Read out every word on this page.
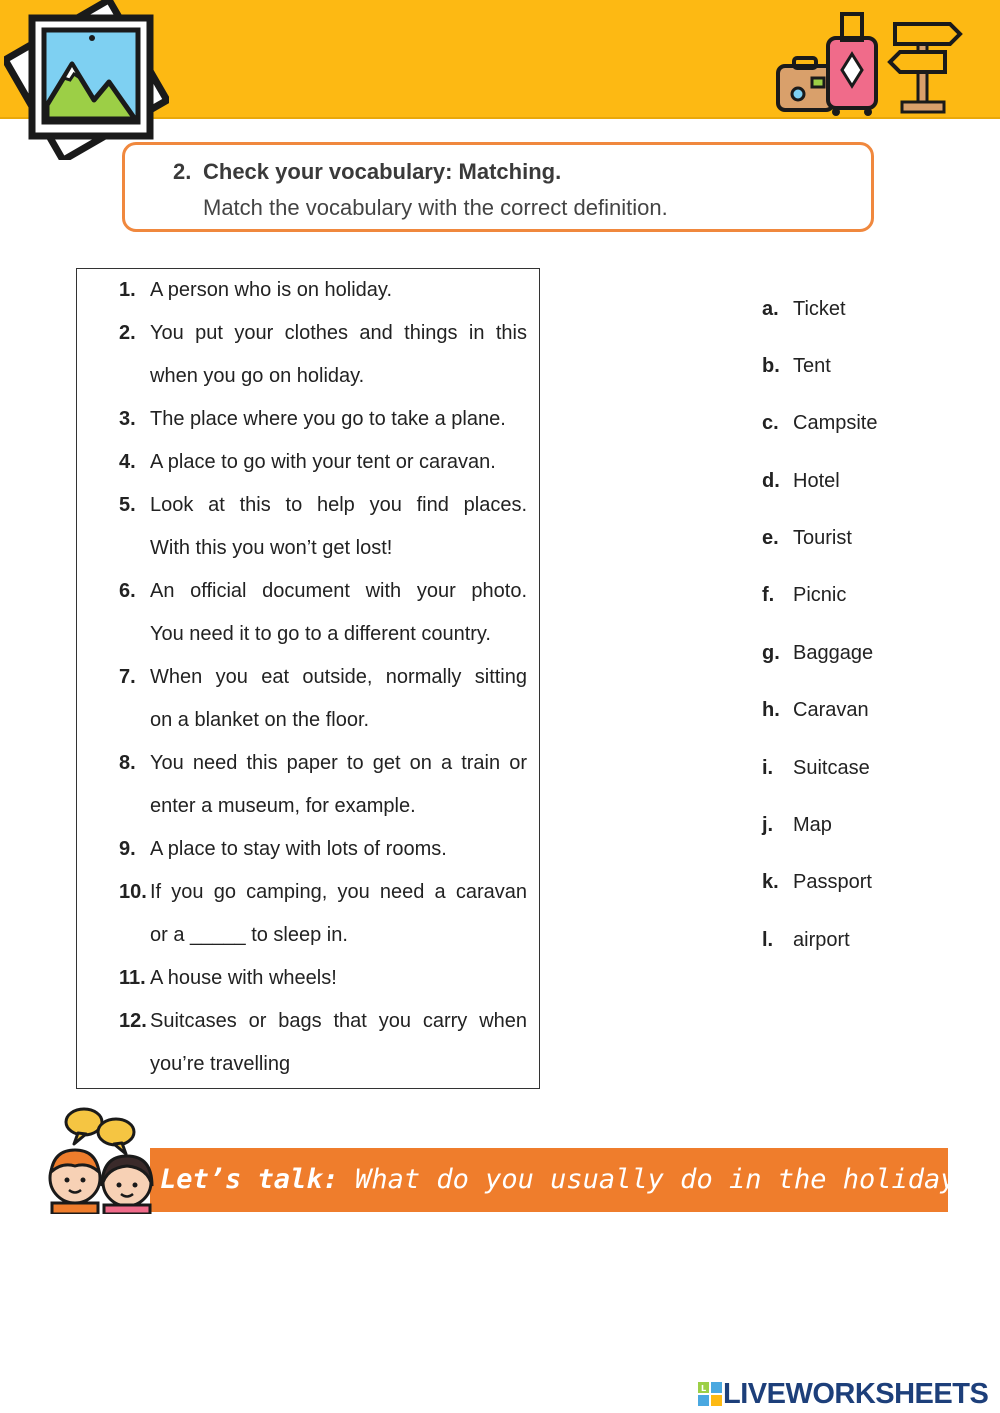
2. Check your vocabulary: Matching.
Match the vocabulary with the correct definition.
1. A person who is on holiday.
2. You put your clothes and things in this
when you go on holiday.
3. The place where you go to take a plane.
4. A place to go with your tent or caravan.
5. Look at this to help you find places.
With this you won’t get lost!
6. An official document with your photo.
You need it to go to a different country.
7. When you eat outside, normally sitting
on a blanket on the floor.
8. You need this paper to get on a train or
enter a museum, for example.
9. A place to stay with lots of rooms.
10. If you go camping, you need a caravan
or a _____ to sleep in.
11. A house with wheels!
12. Suitcases or bags that you carry when
you’re travelling
a. Ticket
b. Tent
c. Campsite
d. Hotel
e. Tourist
f. Picnic
g. Baggage
h. Caravan
i. Suitcase
j. Map
k. Passport
l. airport
Let’s talk: What do you usually do in the holidays?
L LIVEWORKSHEETS
